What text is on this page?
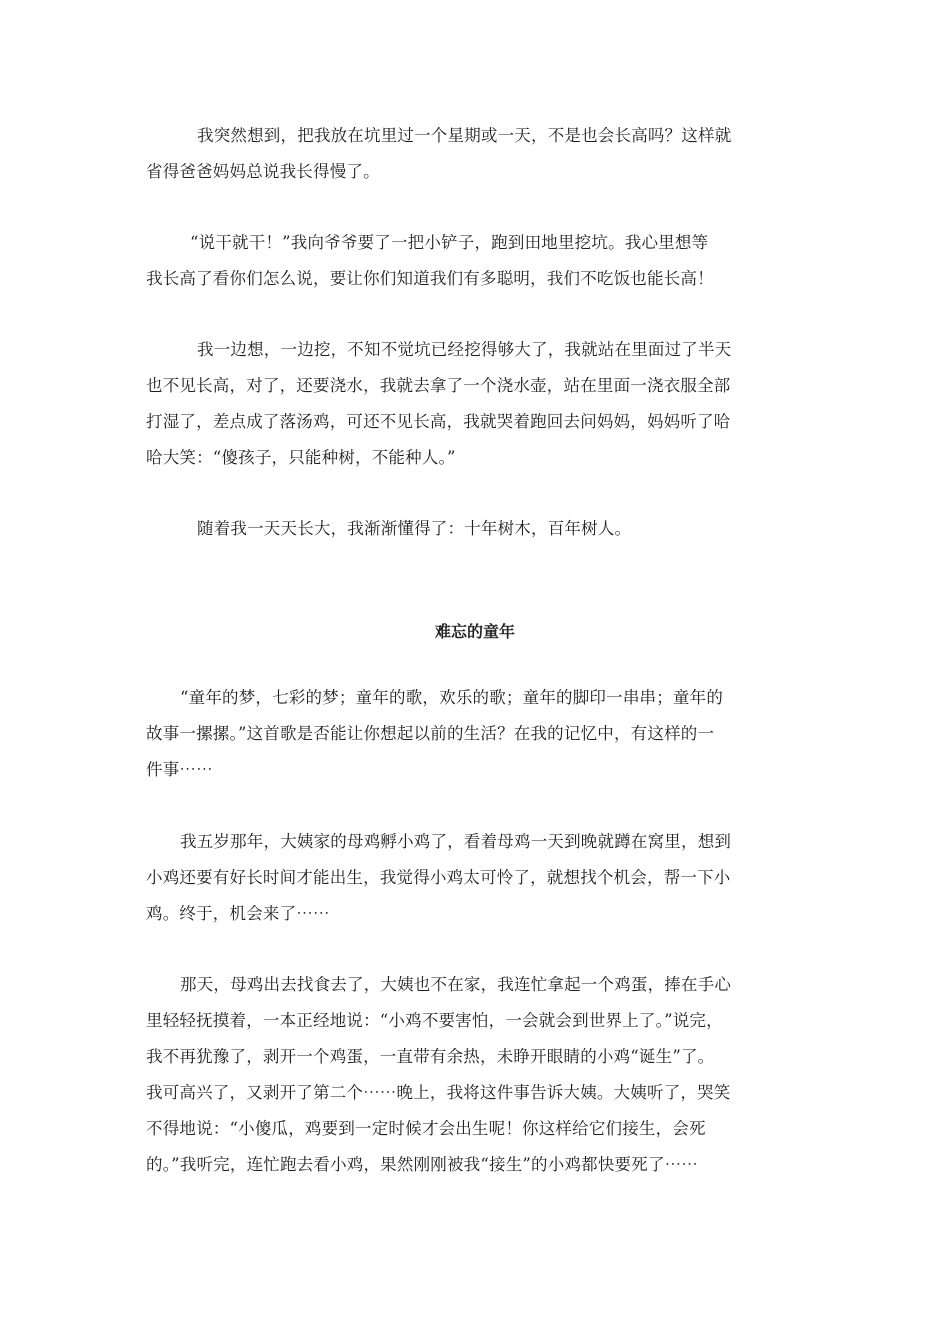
我突然想到，把我放在坑里过一个星期或一天，不是也会长高吗？这样就
省得爸爸妈妈总说我长得慢了。
“说干就干！”我向爷爷要了一把小铲子，跑到田地里挖坑。我心里想等
我长高了看你们怎么说，要让你们知道我们有多聪明，我们不吃饭也能长高！
我一边想，一边挖，不知不觉坑已经挖得够大了，我就站在里面过了半天
也不见长高，对了，还要浇水，我就去拿了一个浇水壶，站在里面一浇衣服全部
打湿了，差点成了落汤鸡，可还不见长高，我就哭着跑回去问妈妈，妈妈听了哈
哈大笑：“傻孩子，只能种树，不能种人。”
随着我一天天长大，我渐渐懂得了：十年树木，百年树人。
难忘的童年
“童年的梦，七彩的梦；童年的歌，欢乐的歌；童年的脚印一串串；童年的
故事一摞摞。”这首歌是否能让你想起以前的生活？在我的记忆中，有这样的一
件事⋯⋯
我五岁那年，大姨家的母鸡孵小鸡了，看着母鸡一天到晚就蹲在窝里，想到
小鸡还要有好长时间才能出生，我觉得小鸡太可怜了，就想找个机会，帮一下小
鸡。终于，机会来了⋯⋯
那天，母鸡出去找食去了，大姨也不在家，我连忙拿起一个鸡蛋，捧在手心
里轻轻抚摸着，一本正经地说：“小鸡不要害怕，一会就会到世界上了。”说完，
我不再犹豫了，剥开一个鸡蛋，一直带有余热，未睁开眼睛的小鸡“诞生”了。
我可高兴了，又剥开了第二个⋯⋯晚上，我将这件事告诉大姨。大姨听了，哭笑
不得地说：“小傻瓜，鸡要到一定时候才会出生呢！你这样给它们接生，会死
的。”我听完，连忙跑去看小鸡，果然刚刚被我“接生”的小鸡都快要死了⋯⋯
